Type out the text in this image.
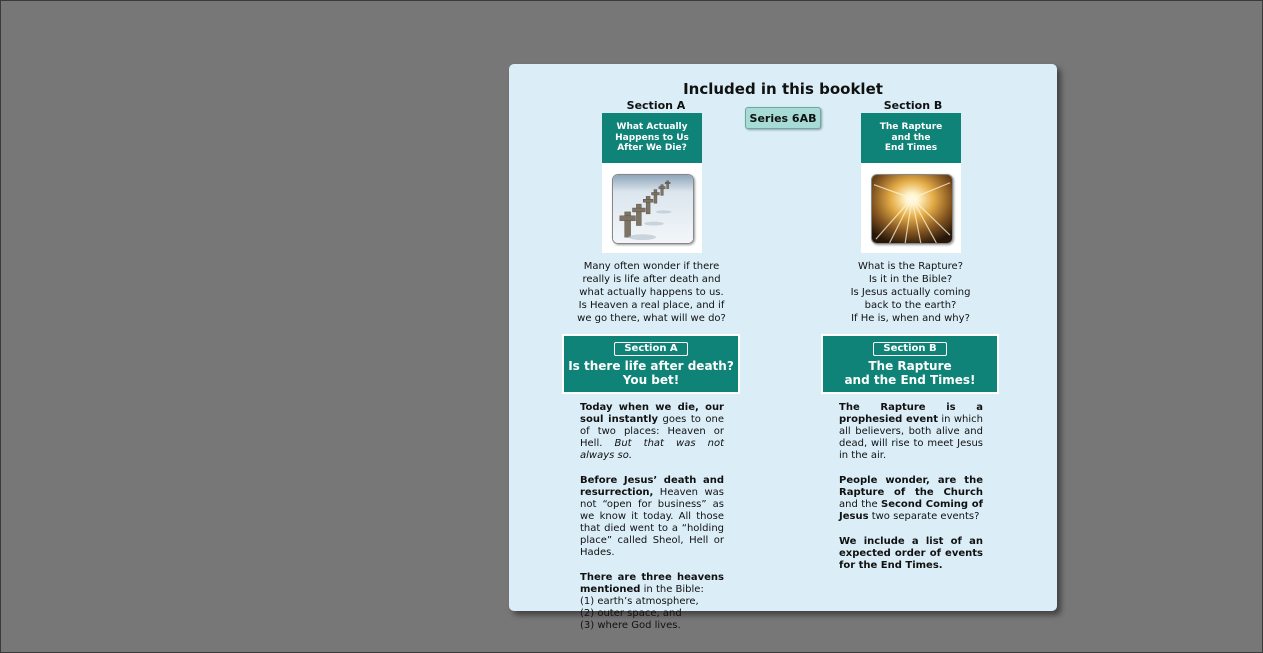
Included in this booklet
Section A
Series 6AB
What Actually
Happens to Us
After We Die?
Many often wonder if there
really is life after death and
what actually happens to us.
Is Heaven a real place, and if
we go there, what will we do?
Section A
Is there life after death?
You bet!

Today when we die, our soul instantly goes to one of two places: Heaven or Hell. But that was not always so.

Before Jesus’ death and resurrection, Heaven was not “open for business” as we know it today. All those that died went to a “holding place” called Sheol, Hell or Hades.

There are three heavens mentioned in the Bible:
(1) earth’s atmosphere,
(2) outer space, and
(3) where God lives.

Section B
The Rapture
and the
End Times
What is the Rapture?
Is it in the Bible?
Is Jesus actually coming
back to the earth?
If He is, when and why?
Section B
The Rapture
and the End Times!

The Rapture is a prophesied event in which all believers, both alive and dead, will rise to meet Jesus in the air.

People wonder, are the Rapture of the Church and the Second Coming of Jesus two separate events?

We include a list of an expected order of events for the End Times.
